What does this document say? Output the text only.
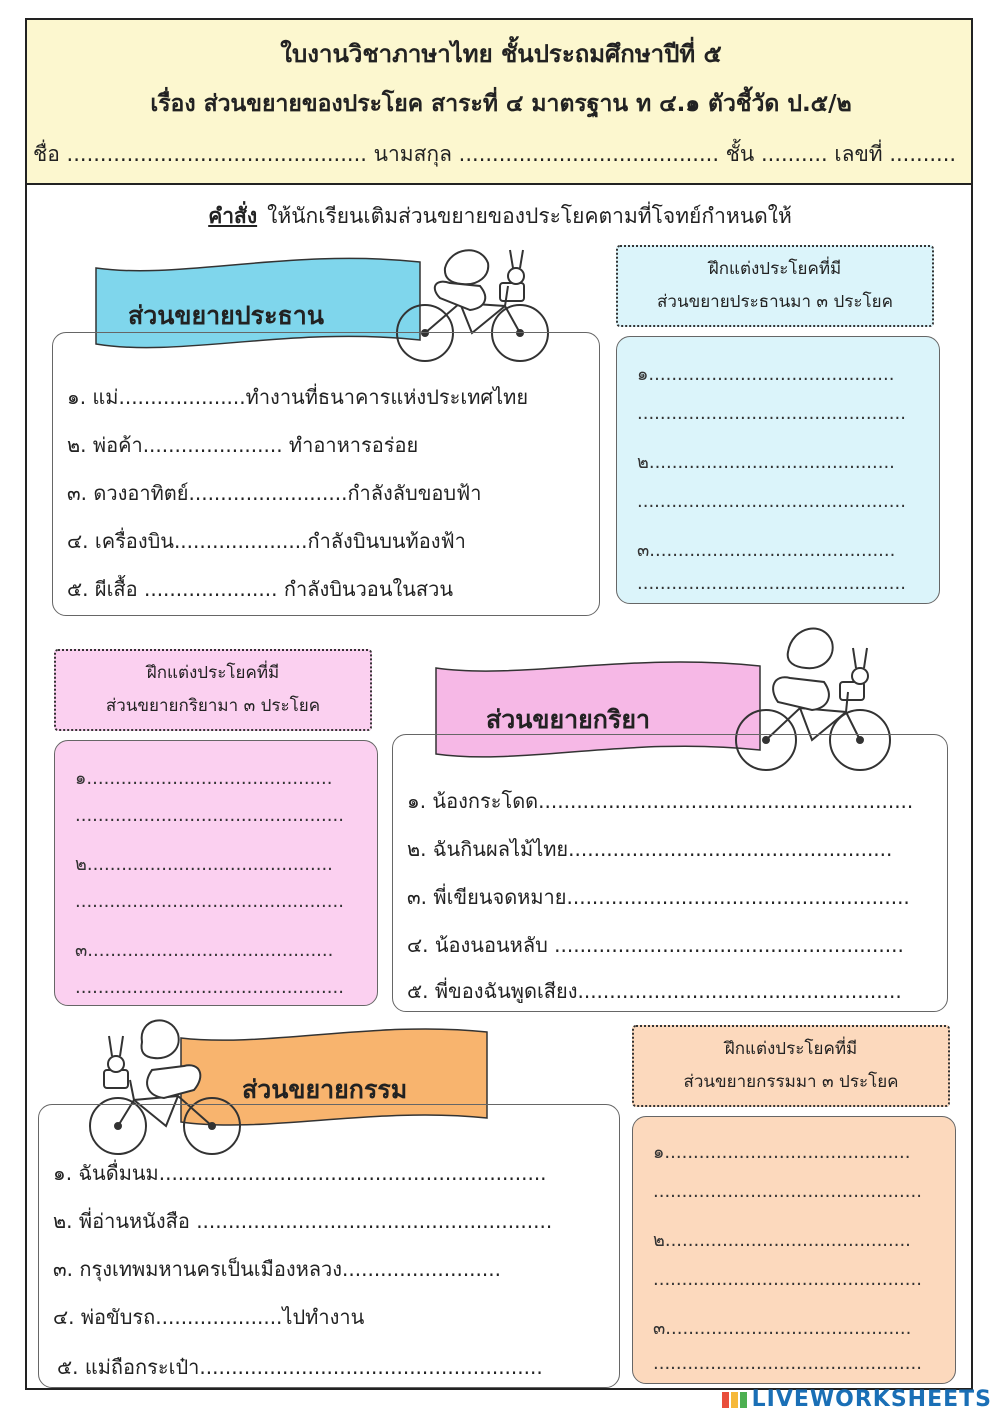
ใบงานวิชาภาษาไทย ชั้นประถมศึกษาปีที่ ๕
เรื่อง ส่วนขยายของประโยค สาระที่ ๔ มาตรฐาน ท ๔.๑ ตัวชี้วัด ป.๕/๒
ชื่อ ............................................. นามสกุล ....................................... ชั้น .......... เลขที่ ..........
คำสั่ง ให้นักเรียนเติมส่วนขยายของประโยคตามที่โจทย์กำหนดให้
ส่วนขยายประธาน
๑. แม่....................ทำงานที่ธนาคารแห่งประเทศไทย
๒. พ่อค้า...................... ทำอาหารอร่อย
๓. ดวงอาทิตย์.........................กำลังลับขอบฟ้า
๔. เครื่องบิน.....................กำลังบินบนท้องฟ้า
๕. ผีเสื้อ ..................... กำลังบินวอนในสวน
ฝึกแต่งประโยคที่มี
ส่วนขยายประธานมา ๓ ประโยค
๑...........................................
...............................................
๒...........................................
...............................................
๓...........................................
...............................................
ฝึกแต่งประโยคที่มี
ส่วนขยายกริยามา ๓ ประโยค
๑...........................................
...............................................
๒...........................................
...............................................
๓...........................................
...............................................
ส่วนขยายกริยา
๑. น้องกระโดด...........................................................
๒. ฉันกินผลไม้ไทย...................................................
๓. พี่เขียนจดหมาย......................................................
๔. น้องนอนหลับ .......................................................
๕. พี่ของฉันพูดเสียง...................................................
ส่วนขยายกรรม
๑. ฉันดื่มนม.............................................................
๒. พี่อ่านหนังสือ ........................................................
๓. กรุงเทพมหานครเป็นเมืองหลวง.........................
๔. พ่อขับรถ....................ไปทำงาน
๕. แม่ถือกระเป๋า......................................................
ฝึกแต่งประโยคที่มี
ส่วนขยายกรรมมา ๓ ประโยค
๑...........................................
...............................................
๒...........................................
...............................................
๓...........................................
...............................................
LIVEWORKSHEETS
